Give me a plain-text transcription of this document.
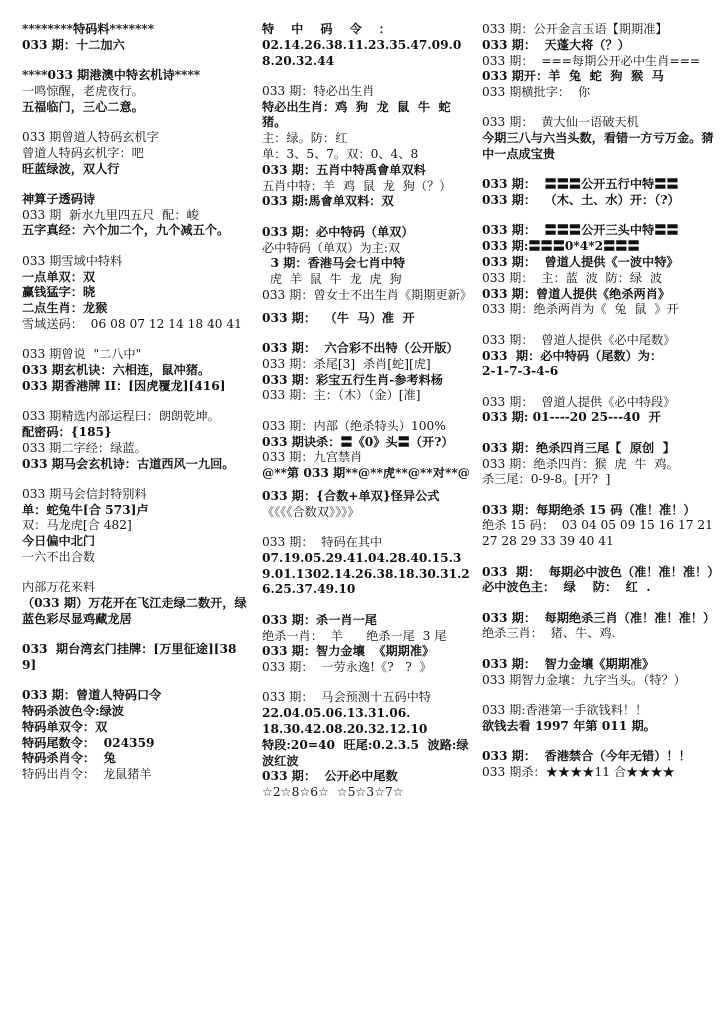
********特码料*******
033 期：十二加六
****033 期港澳中特玄机诗****
一鸣惊醒，老虎夜行。
五福临门，三心二意。
033 期曾道人特码玄机字
曾道人特码玄机字：吧
旺蓝绿波，双人行
神算子透码诗
033 期  新水九里四五尺  配：峻
五字真经：六个加二个，九个减五个。
033 期雪域中特料
一点单双：双
赢钱猛字：晓
二点生肖：龙猴
雪域送码：  06 08 07 12 14 18 40 41
033 期曾说  "二八中"
033 期玄机诀：六相连，鼠冲猪。
033 期香港牌 II：[因虎覆龙][416]
033 期精选内部运程曰：朗朗乾坤。
配密码：{185}
033 期二字经：绿蓝。
033 期马会玄机诗：古道西风一九回。
033 期马会信封特别料
单：蛇兔牛[合 573]卢
双：马龙虎[合 482]
今日偏中北门
一六不出合数
内部万花来料
（033 期）万花开在飞江走绿二数开，绿蓝色彩尽显鸡藏龙居
033  期台湾玄门挂牌：[万里征途][389]
033 期：曾道人特码口令
特码杀波色令:绿波
特码单双令：双
特码尾数令：  024359
特码杀肖令：  兔
特码出肖令：  龙鼠猪羊
特    中    码    令    ：
02.14.26.38.11.23.35.47.09.08.20.32.44
033 期：特必出生肖
特必出生肖：鸡  狗  龙  鼠  牛  蛇  猪。
主：绿。防：红
单：3、5、7。双：0、4、8
033 期：五肖中特禹會单双料
五肖中特：羊  鸡  鼠  龙  狗（？）
033 期:馬會单双料：双
033 期：必中特码（单双）
必中特码（单双）为主:双
3 期：香港马会七肖中特
虎  羊  鼠  牛  龙  虎  狗
033 期：曾女士不出生肖《期期更新》
033 期：  （牛  马）准  开
033 期：  六合彩不出特（公开版）
033 期：杀尾[3]  杀肖[蛇][虎]
033 期：彩宝五行生肖-参考料杨
033 期：主：（木）（金）[准]
033 期：内部（绝杀特头）100%
033 期诀杀：〓《0》头〓（开?）
033 期：九宫禁肖
@**第 033 期**@**虎**@**对**@
033 期：{合数+单双}怪异公式
《《《《合数双》》》》
033 期：  特码在其中
07.19.05.29.41.04.28.40.15.39.01.1302.14.26.38.18.30.31.26.25.37.49.10
033 期：杀一肖一尾
绝杀一肖：  羊      绝杀一尾  3 尾
033 期：智力金壤  《期期准》
033 期：  一劳永逸!《?   ?  》
033 期：  马会预测十五码中特
22.04.05.06.13.31.06.
18.30.42.08.20.32.12.10
特段:20=40  旺尾:0.2.3.5  波路:绿波红波
033 期：  公开必中尾数
☆2☆8☆6☆  ☆5☆3☆7☆
033 期：公开金言玉语【期期准】
033 期：  天蓬大将（？）
033 期：  ===每期公开必中生肖===
033 期开：羊  兔  蛇  狗  猴  马
033 期横批字：  你
033 期：  黄大仙一语破天机
今期三八与六当头数，看错一方亏万金。猜中一点成宝贵
033 期：  〓〓〓公开五行中特〓〓
033 期：  （木、土、水）开：（?）
033 期：  〓〓〓公开三头中特〓〓
033 期:〓〓〓0*4*2〓〓〓
033 期：  曾道人提供《一波中特》
033 期：  主：蓝  波  防：绿  波
033 期：曾道人提供《绝杀两肖》
033 期：绝杀两肖为《  兔  鼠  》开
033 期：  曾道人提供《必中尾数》
033  期：必中特码（尾数）为：
2-1-7-3-4-6
033 期：  曾道人提供《必中特段》
033 期: 01----20 25---40  开
033 期：绝杀四肖三尾【  原创  】
033 期：绝杀四肖：猴  虎  牛  鸡。
杀三尾：0-9-8。[开?  ]
033 期：每期绝杀 15 码（准！准！）
绝杀 15 码：  03 04 05 09 15 16 17 21 27 28 29 33 39 40 41
033  期：  每期必中波色（准！准！准！）
必中波色主：  绿    防：  红  .
033 期：  每期绝杀三肖（准！准！准！）
绝杀三肖：  猪、牛、鸡.
033 期：  智力金壤《期期准》
033 期智力金壤：九字当头。（特？）
033 期:香港第一手欲钱料！！
欲钱去看 1997 年第 011 期。
033 期：  香港禁合（今年无错）！！
033 期杀：★★★★11 合★★★★
